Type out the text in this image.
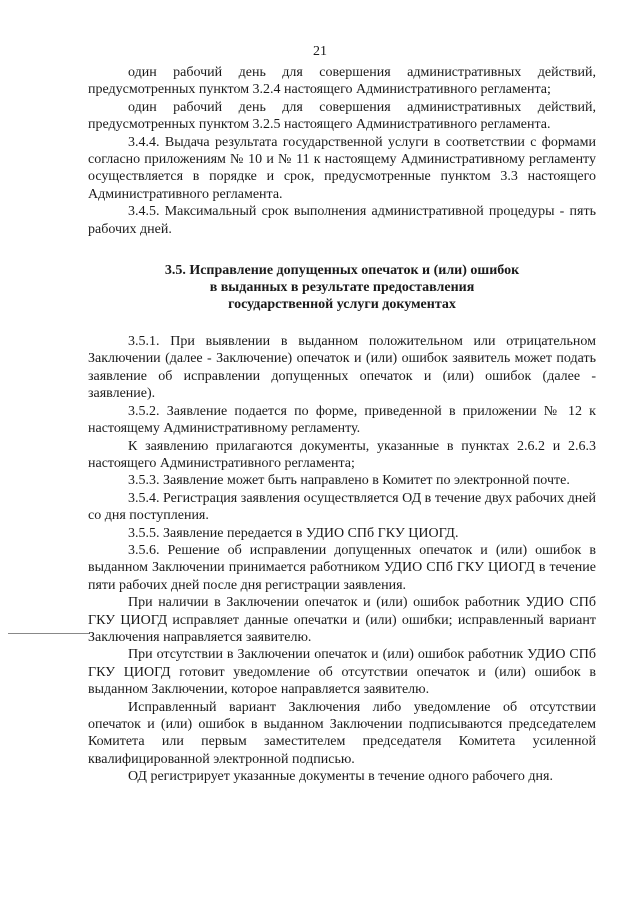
21

один рабочий день для совершения административных действий, предусмотренных пунктом 3.2.4 настоящего Административного регламента;

один рабочий день для совершения административных действий, предусмотренных пунктом 3.2.5 настоящего Административного регламента.

3.4.4. Выдача результата государственной услуги в соответствии с формами согласно приложениям № 10 и № 11 к настоящему Административному регламенту осуществляется в порядке и срок, предусмотренные пунктом 3.3 настоящего Административного регламента.

3.4.5. Максимальный срок выполнения административной процедуры - пять рабочих дней.

3.5. Исправление допущенных опечаток и (или) ошибок
в выданных в результате предоставления
государственной услуги документах

3.5.1. При выявлении в выданном положительном или отрицательном Заключении (далее - Заключение) опечаток и (или) ошибок заявитель может подать заявление об исправлении допущенных опечаток и (или) ошибок (далее - заявление).

3.5.2. Заявление подается по форме, приведенной в приложении № 12 к настоящему Административному регламенту.

К заявлению прилагаются документы, указанные в пунктах 2.6.2 и 2.6.3 настоящего Административного регламента;

3.5.3. Заявление может быть направлено в Комитет по электронной почте.

3.5.4. Регистрация заявления осуществляется ОД в течение двух рабочих дней со дня поступления.

3.5.5. Заявление передается в УДИО СПб ГКУ ЦИОГД.

3.5.6. Решение об исправлении допущенных опечаток и (или) ошибок в выданном Заключении принимается работником УДИО СПб ГКУ ЦИОГД в течение пяти рабочих дней после дня регистрации заявления.

При наличии в Заключении опечаток и (или) ошибок работник УДИО СПб ГКУ ЦИОГД исправляет данные опечатки и (или) ошибки; исправленный вариант Заключения направляется заявителю.

При отсутствии в Заключении опечаток и (или) ошибок работник УДИО СПб ГКУ ЦИОГД готовит уведомление об отсутствии опечаток и (или) ошибок в выданном Заключении, которое направляется заявителю.

Исправленный вариант Заключения либо уведомление об отсутствии опечаток и (или) ошибок в выданном Заключении подписываются председателем Комитета или первым заместителем председателя Комитета усиленной квалифицированной электронной подписью.

ОД регистрирует указанные документы в течение одного рабочего дня.
